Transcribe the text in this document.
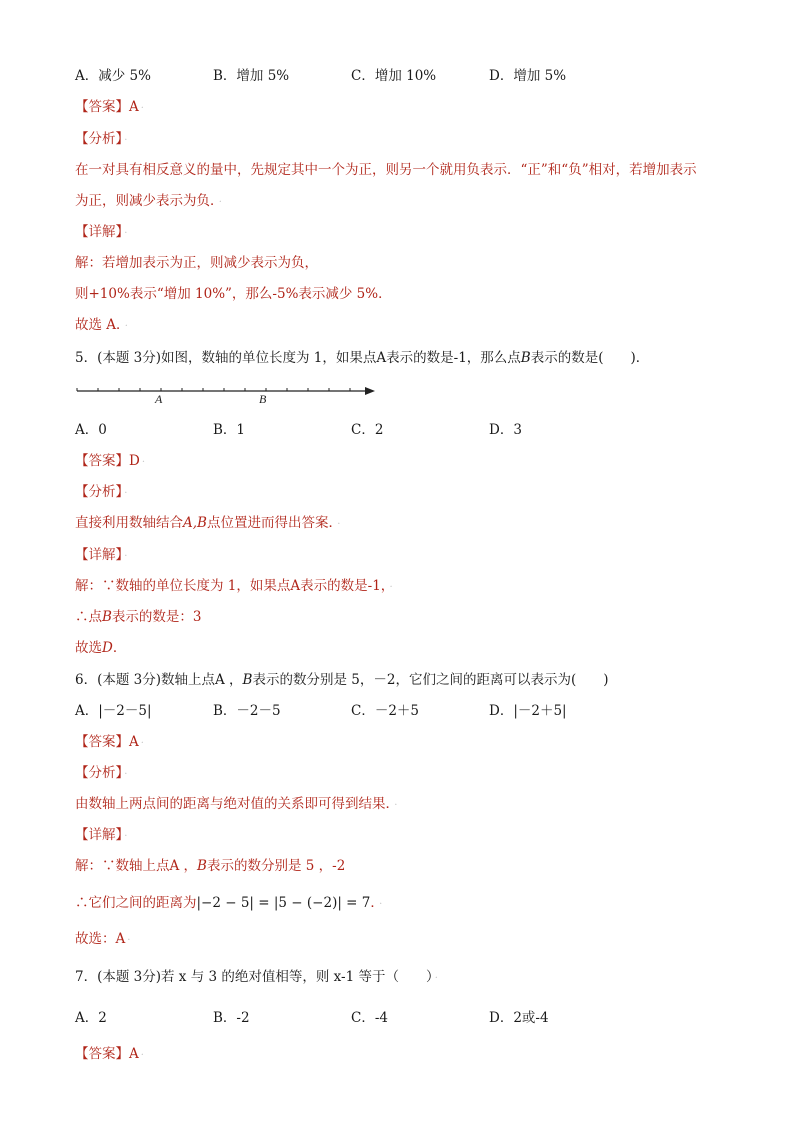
A．减少 5%	B．增加 5%	C．增加 10%	D．增加 5%
【答案】A ·
【分析】 ·
在一对具有相反意义的量中，先规定其中一个为正，则另一个就用负表示．“正”和“负”相对，若增加表示
为正，则减少表示为负． ·
【详解】 ·
解：若增加表示为正，则减少表示为负，
则+10%表示“增加 10%”，那么-5%表示减少 5%．
故选 A． ·
5．(本题 3分)如图，数轴的单位长度为 1，如果点A表示的数是-1，那么点B表示的数是(　　)．
A	B
A．0	B．1	C．2	D．3
【答案】D ·
【分析】 ·
直接利用数轴结合A,B点位置进而得出答案． ·
【详解】 ·
解：∵数轴的单位长度为 1，如果点A表示的数是-1， ·
∴点B表示的数是：3
故选D．
6．(本题 3分)数轴上点A ，B表示的数分别是 5，－2，它们之间的距离可以表示为(　　)
A．|－2－5|	B．－2－5	C．－2＋5	D．|－2＋5|
【答案】A ·
【分析】 ·
由数轴上两点间的距离与绝对值的关系即可得到结果． ·
【详解】 ·
解：∵数轴上点A ，B表示的数分别是 5 ，-2
∴它们之间的距离为|−2 − 5| = |5 − (−2)| = 7． ·
故选：A ·
7．(本题 3分)若 x 与 3 的绝对值相等，则 x-1 等于（　　） ·
A．2	B．-2	C．-4	D．2或-4
【答案】A ·
